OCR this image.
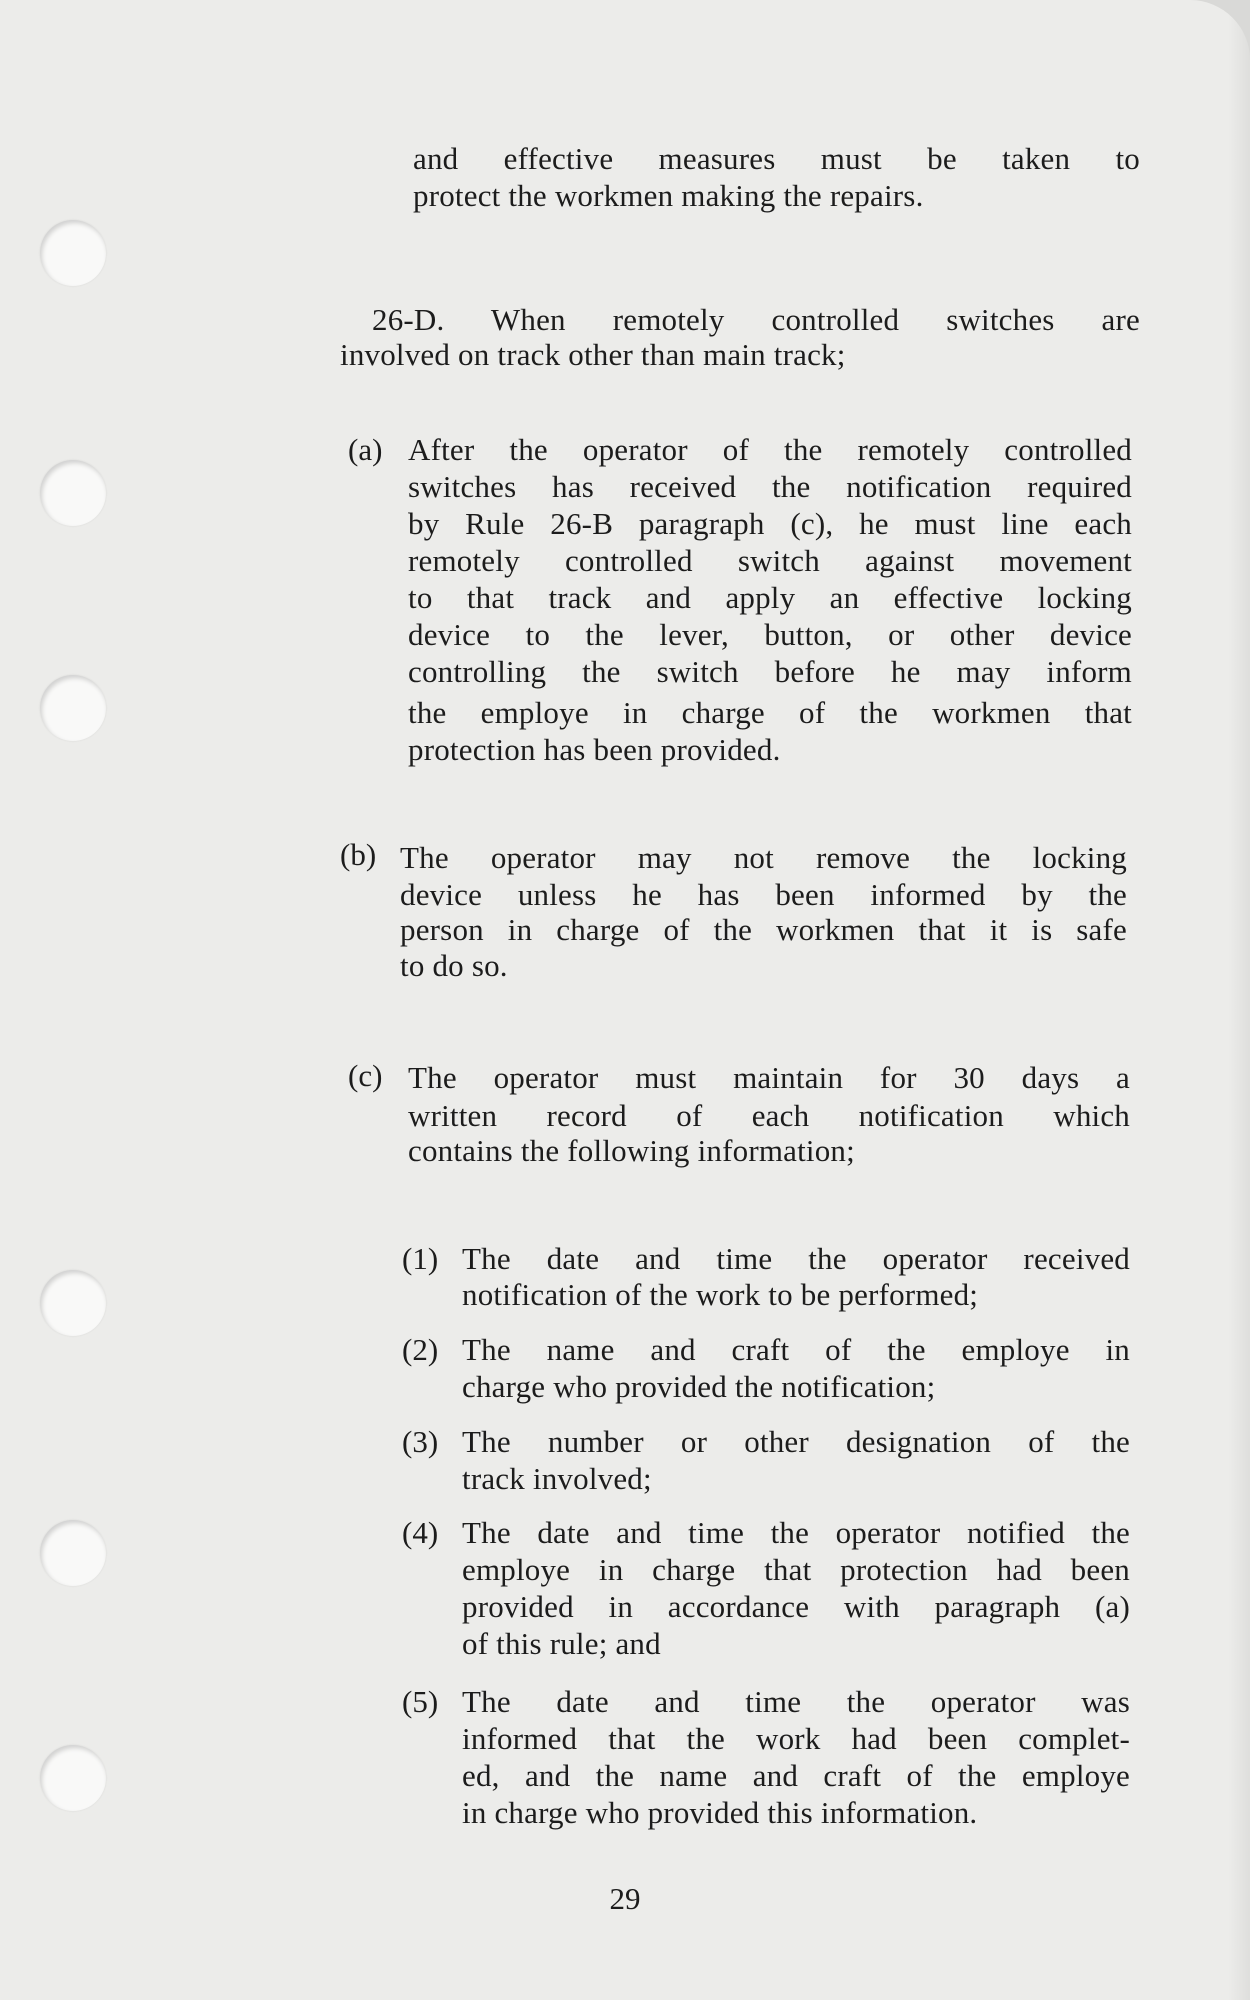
and effective measures must be taken to
protect the workmen making the repairs.
26-D. When remotely controlled switches are
involved on track other than main track;
(a) After the operator of the remotely controlled
switches has received the notification required
by Rule 26-B paragraph (c), he must line each
remotely controlled switch against movement
to that track and apply an effective locking
device to the lever, button, or other device
controlling the switch before he may inform
the employe in charge of the workmen that
protection has been provided.
(b) The operator may not remove the locking
device unless he has been informed by the
person in charge of the workmen that it is safe
to do so.
(c) The operator must maintain for 30 days a
written record of each notification which
contains the following information;
(1) The date and time the operator received
notification of the work to be performed;
(2) The name and craft of the employe in
charge who provided the notification;
(3) The number or other designation of the
track involved;
(4) The date and time the operator notified the
employe in charge that protection had been
provided in accordance with paragraph (a)
of this rule; and
(5) The date and time the operator was
informed that the work had been complet-
ed, and the name and craft of the employe
in charge who provided this information.
29
